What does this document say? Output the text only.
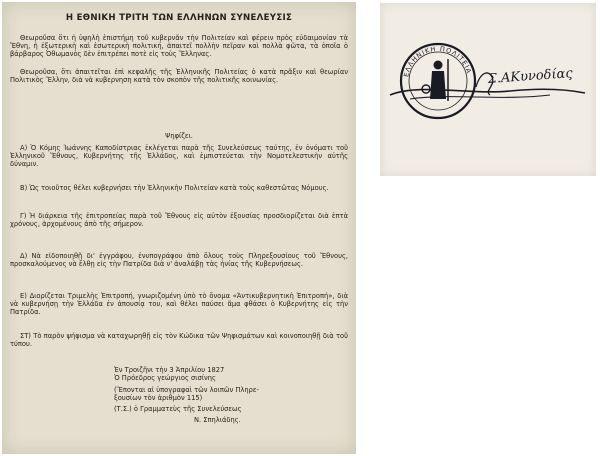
Η ΕΘΝΙΚΗ ΤΡΙΤΗ ΤΩΝ ΕΛΛΗΝΩΝ ΣΥΝΕΛΕΥΣΙΣ

Θεωροῦσα ὅτι ἡ ὑψηλὴ ἐπιστήμη τοῦ κυβερνᾶν τὴν Πολιτείαν καὶ φέρειν πρὸς εὐδαιμονίαν τὰ Ἔθνη, ἡ ἐξωτερικὴ καὶ ἐσωτερικὴ πολιτική, ἀπαιτεῖ πολλὴν πεῖραν καὶ πολλὰ φῶτα, τὰ ὁποῖα ὁ βάρβαρος Ὀθωμανὸς δὲν ἐπιτρέπει ποτὲ εἰς τοὺς Ἕλληνας.

Θεωροῦσα, ὅτι ἀπαιτεῖται ἐπὶ κεφαλῆς τῆς Ἑλληνικῆς Πολιτείας ὁ κατὰ πρᾶξιν καὶ θεωρίαν Πολιτικὸς Ἕλλην, διὰ νὰ κυβερνηση κατὰ τὸν σκοπὸν τῆς πολιτικῆς κοινωνίας.

Ψηφίζει.

Α) Ὁ Κόμης Ἰωάννης Καποδίστριας ἐκλέγεται παρὰ τῆς Συνελεύσεως ταύτης, ἐν ὀνόματι τοῦ Ἑλληνικοῦ Ἔθνους, Κυβερνήτης τῆς Ἑλλάδος, καὶ ἐμπιστεύεται τὴν Νομοτελεστικὴν αὐτῆς δύναμιν.

Β) Ὡς τοιοῦτος θέλει κυβερνήσει τὴν Ἑλληνικὴν Πολιτείαν κατὰ τοὺς καθεστῶτας Νόμους.

Γ) Ἡ διάρκεια τῆς ἐπιτροπείας παρὰ τοῦ Ἔθνους εἰς αὐτὸν ἐξουσίας προσδιορίζεται διὰ ἑπτὰ χρόνους, ἀρχομένους ἀπὸ τῆς σήμερον.

Δ) Νὰ εἰδοποιηθῇ δι' ἐγγράφου, ἐνυπογράφου ἀπὸ ὅλους τοὺς Πληρεξουσίους τοῦ Ἔθνους, προσκαλούμενος νὰ ἔλθῃ εἰς τὴν Πατρίδα διὰ ν' ἀναλάβῃ τὰς ἡνίας τῆς Κυβερνήσεως.

Ε) Διορίζεται Τριμελὴς Ἐπιτροπή, γνωριζομένη ὑπὸ τὸ ὄνομα «Ἀντικυβερνητικὴ Ἐπιτροπή», διὰ νὰ κυβερνήσῃ τὴν Ἑλλάδα ἐν ἀπουσίᾳ του, καὶ θέλει παύσει ἅμα φθάσει ὁ Κυβερνήτης εἰς τὴν Πατρίδα.

ΣΤ) Τὸ παρὸν ψήφισμα νὰ καταχωρηθῇ εἰς τὸν Κώδικα τῶν Ψηφισμάτων καὶ κοινοποιηθῇ διὰ τοῦ τύπου.

Ἐν Τροιζῆνι τὴν 3 Ἀπριλίου 1827
Ὁ Πρόεδρος γεώργιος σισίνης
(Ἕπονται αἱ ὑπογραφαὶ τῶν λοιπῶν Πληρε-
ξουσίων τὸν ἀριθμὸν 115)
(Τ.Σ.) ὁ Γραμματεὺς τῆς Συνελεύσεως
Ν. Σπηλιάδης.
ΕΛΛΗΝΙΚΗ ΠΟΛΙΤΕΙΑ Σ.ΑΚυνοδίας
